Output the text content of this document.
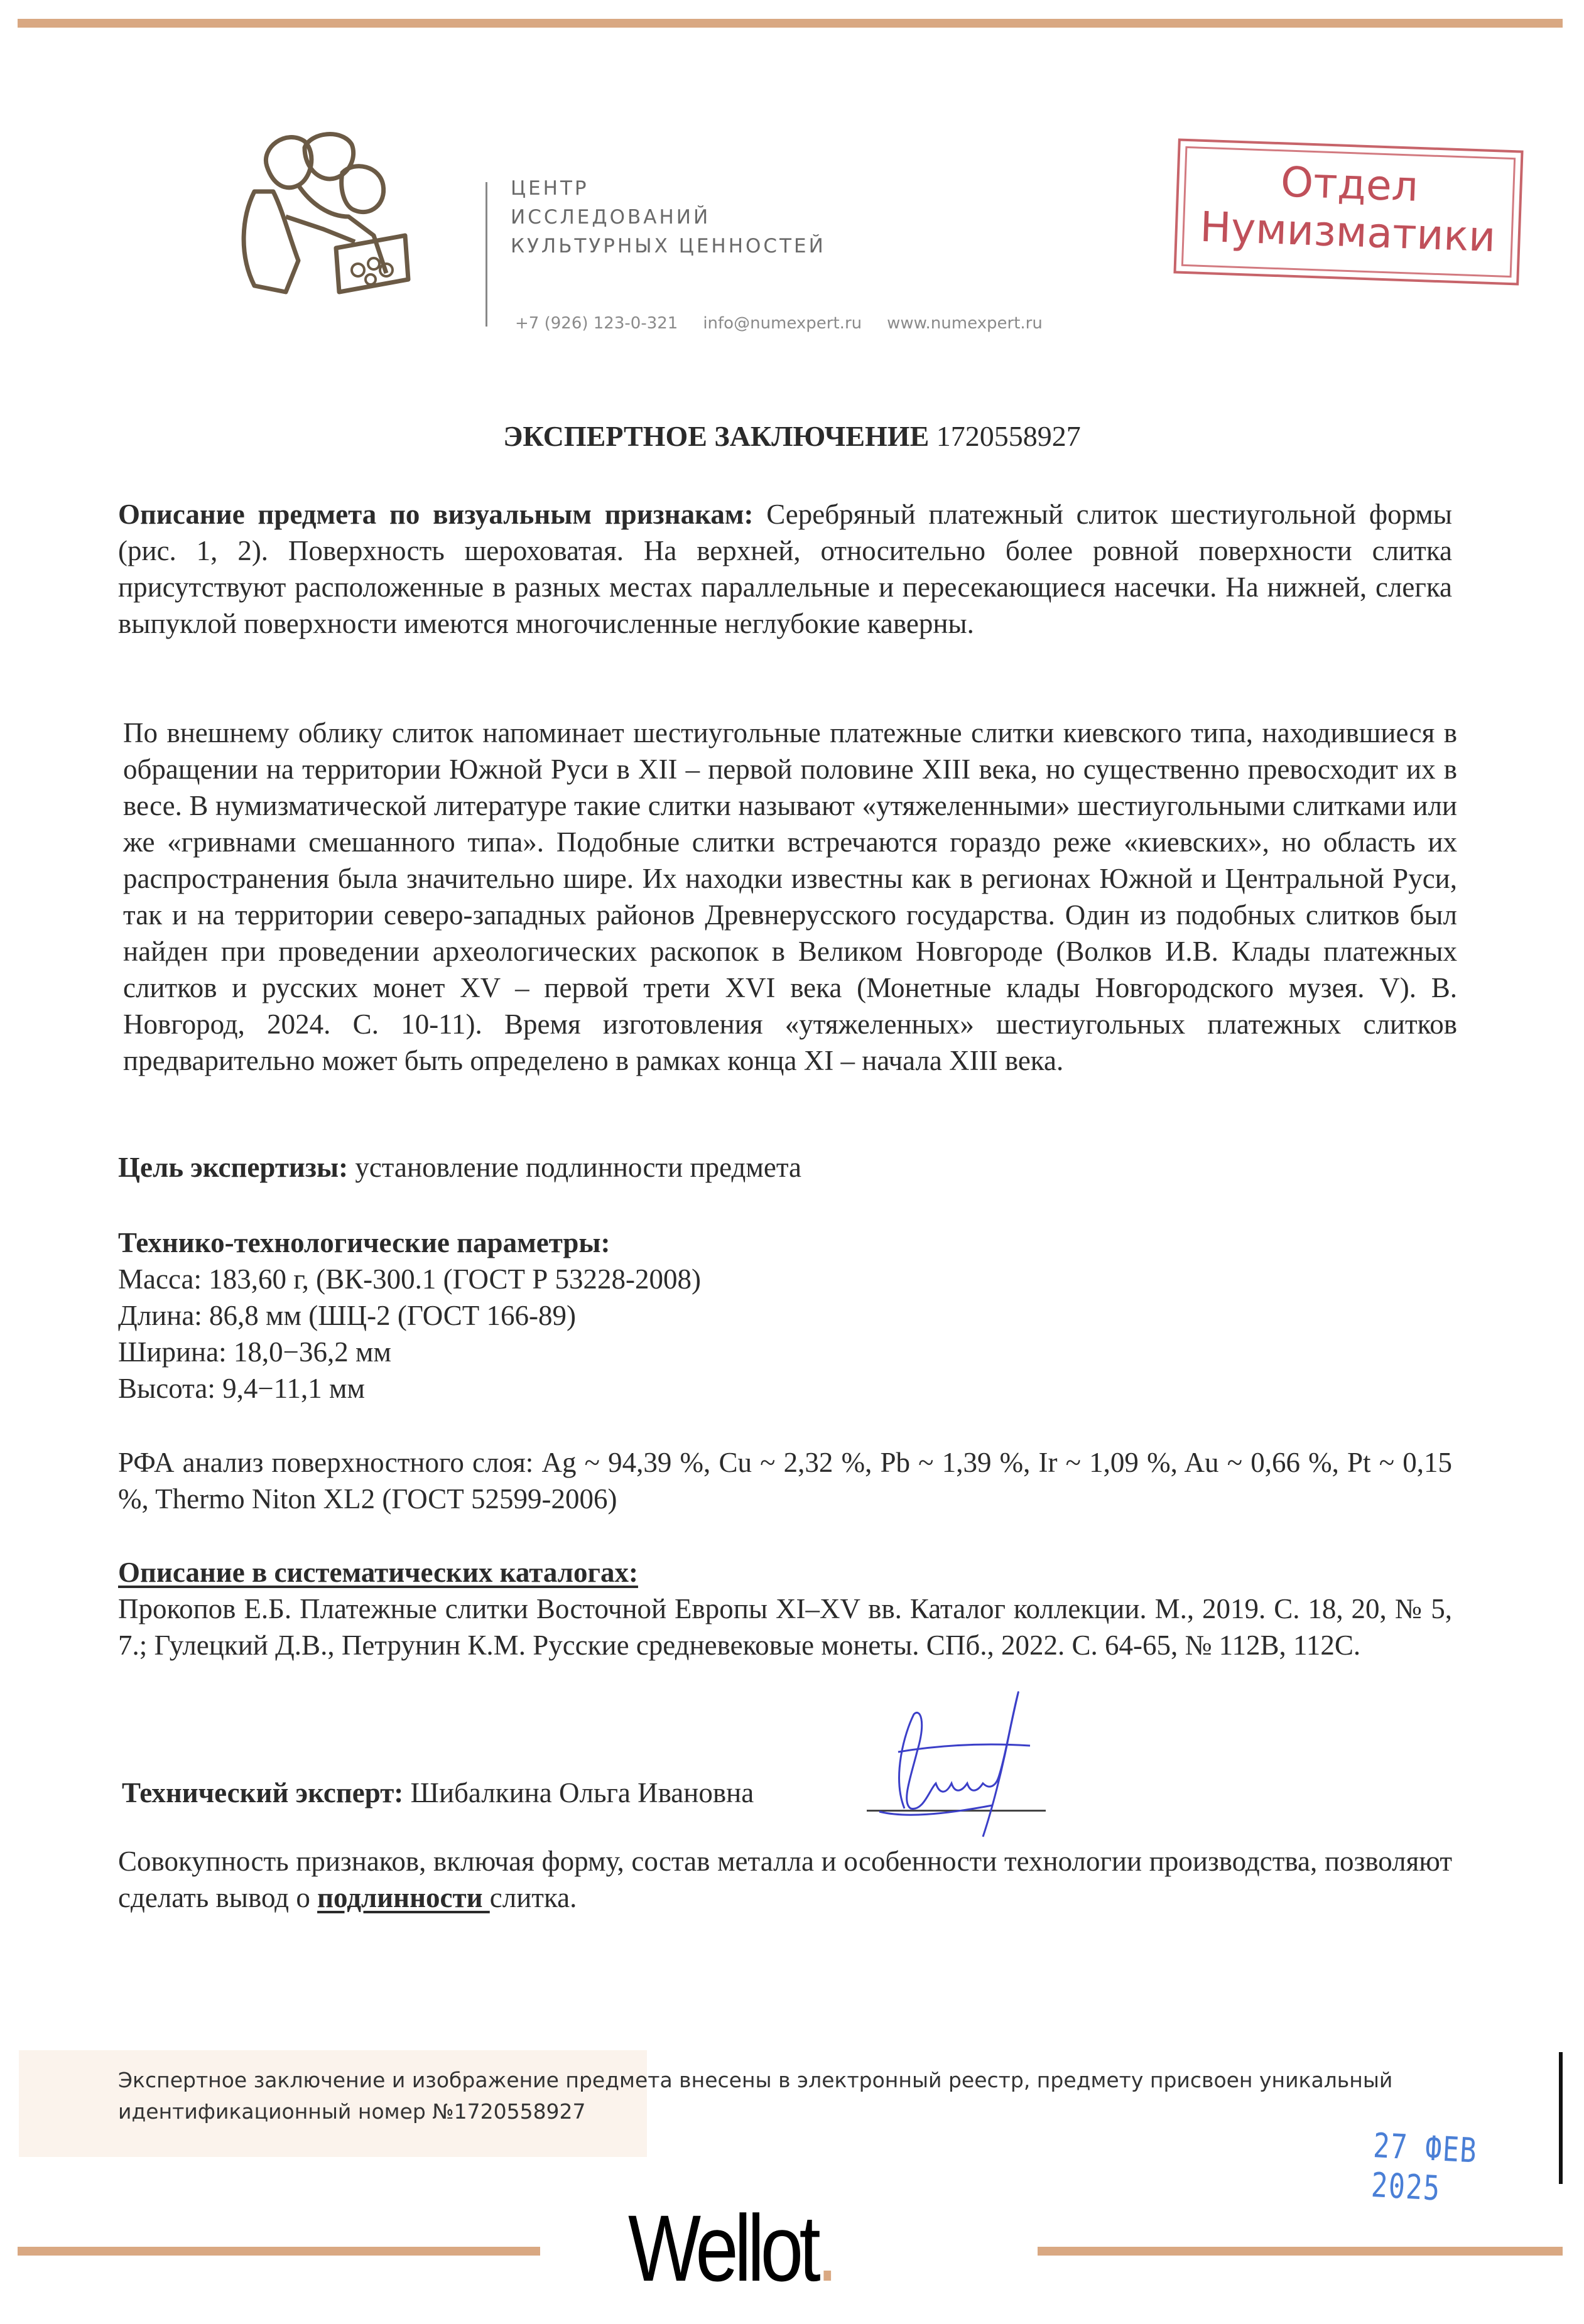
ЦЕНТР
ИССЛЕДОВАНИЙ
КУЛЬТУРНЫХ ЦЕННОСТЕЙ
+7 (926) 123-0-321 info@numexpert.ru www.numexpert.ru
Отдел
Нумизматики
ЭКСПЕРТНОЕ ЗАКЛЮЧЕНИЕ 1720558927
Описание предмета по визуальным признакам: Серебряный платежный слиток шестиугольной формы (рис. 1, 2). Поверхность шероховатая. На верхней, относительно более ровной поверхности слитка присутствуют расположенные в разных местах параллельные и пересекающиеся насечки. На нижней, слегка выпуклой поверхности имеются многочисленные неглубокие каверны.
По внешнему облику слиток напоминает шестиугольные платежные слитки киевского типа, находившиеся в обращении на территории Южной Руси в XII – первой половине XIII века, но существенно превосходит их в весе. В нумизматической литературе такие слитки называют «утяжеленными» шестиугольными слитками или же «гривнами смешанного типа». Подобные слитки встречаются гораздо реже «киевских», но область их распространения была значительно шире. Их находки известны как в регионах Южной и Центральной Руси, так и на территории северо-западных районов Древнерусского государства. Один из подобных слитков был найден при проведении археологических раскопок в Великом Новгороде (Волков И.В. Клады платежных слитков и русских монет XV – первой трети XVI века (Монетные клады Новгородского музея. V). В. Новгород, 2024. С. 10-11). Время изготовления «утяжеленных» шестиугольных платежных слитков предварительно может быть определено в рамках конца XI – начала XIII века.
Цель экспертизы: установление подлинности предмета
Технико-технологические параметры:
Масса: 183,60 г, (ВК-300.1 (ГОСТ Р 53228-2008)
Длина: 86,8 мм (ШЦ-2 (ГОСТ 166-89)
Ширина: 18,0−36,2 мм
Высота: 9,4−11,1 мм
РФА анализ поверхностного слоя: Ag ~ 94,39 %, Cu ~ 2,32 %, Pb ~ 1,39 %, Ir ~ 1,09 %, Au ~ 0,66 %, Pt ~ 0,15 %, Thermo Niton XL2 (ГОСТ 52599-2006)
Описание в систематических каталогах:
Прокопов Е.Б. Платежные слитки Восточной Европы XI–XV вв. Каталог коллекции. М., 2019. С. 18, 20, № 5, 7.; Гулецкий Д.В., Петрунин К.М. Русские средневековые монеты. СПб., 2022. С. 64-65, № 112B, 112C.
Технический эксперт: Шибалкина Ольга Ивановна
Совокупность признаков, включая форму, состав металла и особенности технологии производства, позволяют сделать вывод о подлинности слитка.
Экспертное заключение и изображение предмета внесены в электронный реестр, предмету присвоен уникальный идентификационный номер №1720558927
27 ФЕВ 2025
Wellot.
